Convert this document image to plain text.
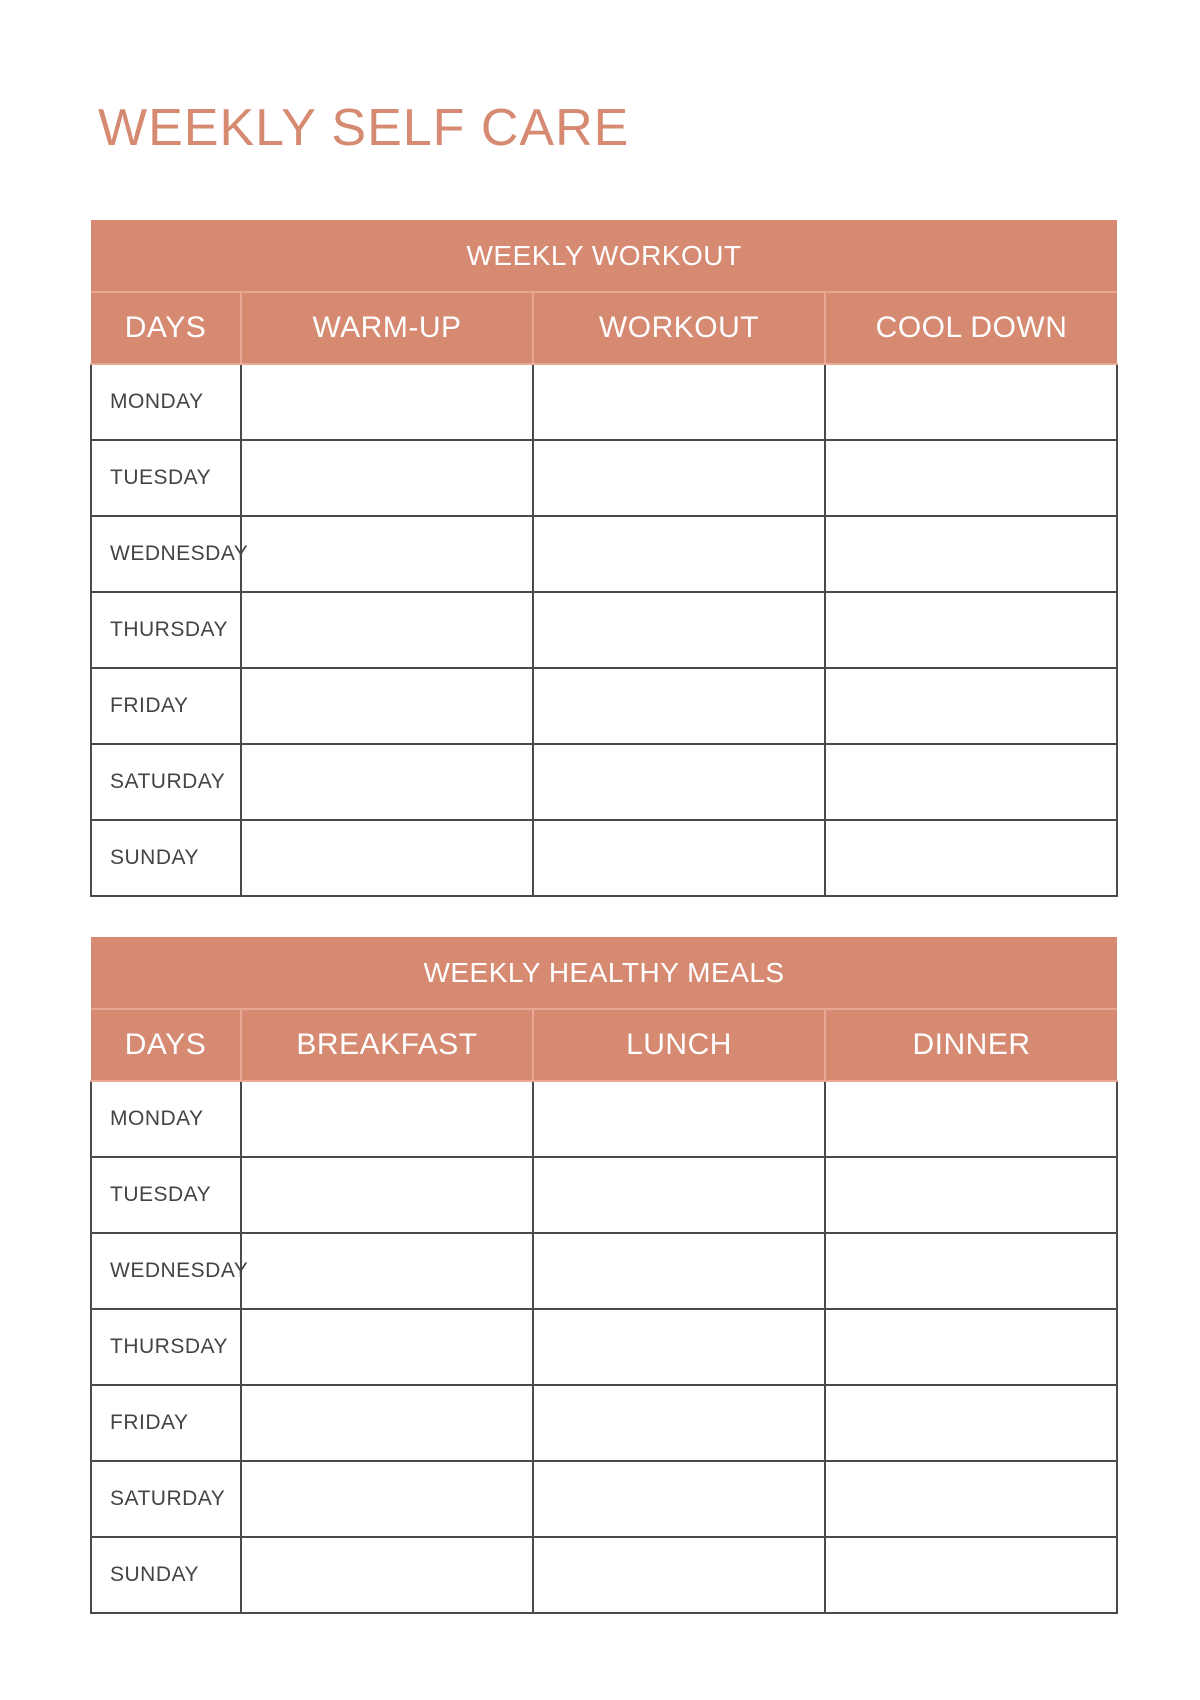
WEEKLY SELF CARE
WEEKLY WORKOUT			
DAYS	WARM-UP	WORKOUT	COOL DOWN
MONDAY			
TUESDAY			
WEDNESDAY			
THURSDAY			
FRIDAY			
SATURDAY			
SUNDAY			
WEEKLY HEALTHY MEALS			
DAYS	BREAKFAST	LUNCH	DINNER
MONDAY			
TUESDAY			
WEDNESDAY			
THURSDAY			
FRIDAY			
SATURDAY			
SUNDAY			
